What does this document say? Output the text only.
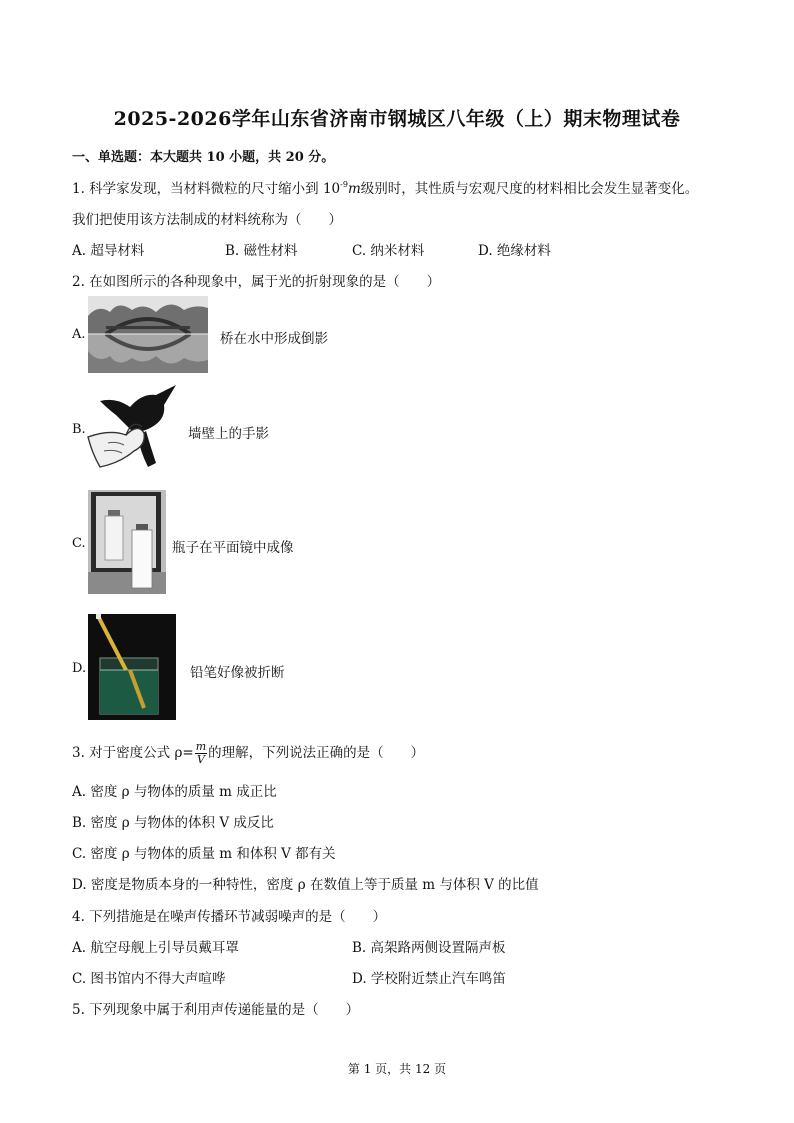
2025-2026学年山东省济南市钢城区八年级（上）期末物理试卷
一、单选题：本大题共 10 小题，共 20 分。
1. 科学家发现，当材料微粒的尺寸缩小到 $10^{-9}m$级别时，其性质与宏观尺度的材料相比会发生显著变化。
我们把使用该方法制成的材料统称为（　　）
A. 超导材料	B. 磁性材料	C. 纳米材料	D. 绝缘材料
2. 在如图所示的各种现象中，属于光的折射现象的是（　　）
A.	桥在水中形成倒影
B.	墙壁上的手影
C.	瓶子在平面镜中成像
D.	铅笔好像被折断
3. 对于密度公式 $\rho= \frac{m}{V}$ 的理解，下列说法正确的是（　　）
A. 密度 ρ 与物体的质量 m 成正比
B. 密度 ρ 与物体的体积 V 成反比
C. 密度 ρ 与物体的质量 m 和体积 V 都有关
D. 密度是物质本身的一种特性，密度 ρ 在数值上等于质量 m 与体积 V 的比值
4. 下列措施是在噪声传播环节减弱噪声的是（　　）
A. 航空母舰上引导员戴耳罩	B. 高架路两侧设置隔声板
C. 图书馆内不得大声喧哗	D. 学校附近禁止汽车鸣笛
5. 下列现象中属于利用声传递能量的是（　　）
第 1 页，共 12 页
